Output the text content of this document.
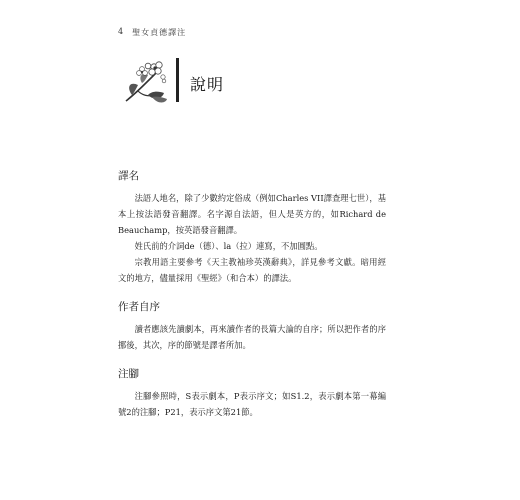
4 聖女貞德譯注
說明
譯名

法語人地名，除了少數約定俗成（例如Charles VII譯查理七世），基本上按法語發音翻譯。名字源自法語，但人是英方的，如Richard de Beauchamp，按英語發音翻譯。

姓氏前的介詞de（德）、la（拉）連寫，不加圓點。

宗教用語主要參考《天主教袖珍英漢辭典》，詳見參考文獻。暗用經文的地方，儘量採用《聖經》（和合本）的譯法。

作者自序

讀者應該先讀劇本，再來讀作者的長篇大論的自序；所以把作者的序挪後，其次，序的節號是譯者所加。

注腳

注腳參照時，S表示劇本，P表示序文；如S1.2，表示劇本第一幕編號2的注腳；P21，表示序文第21節。
